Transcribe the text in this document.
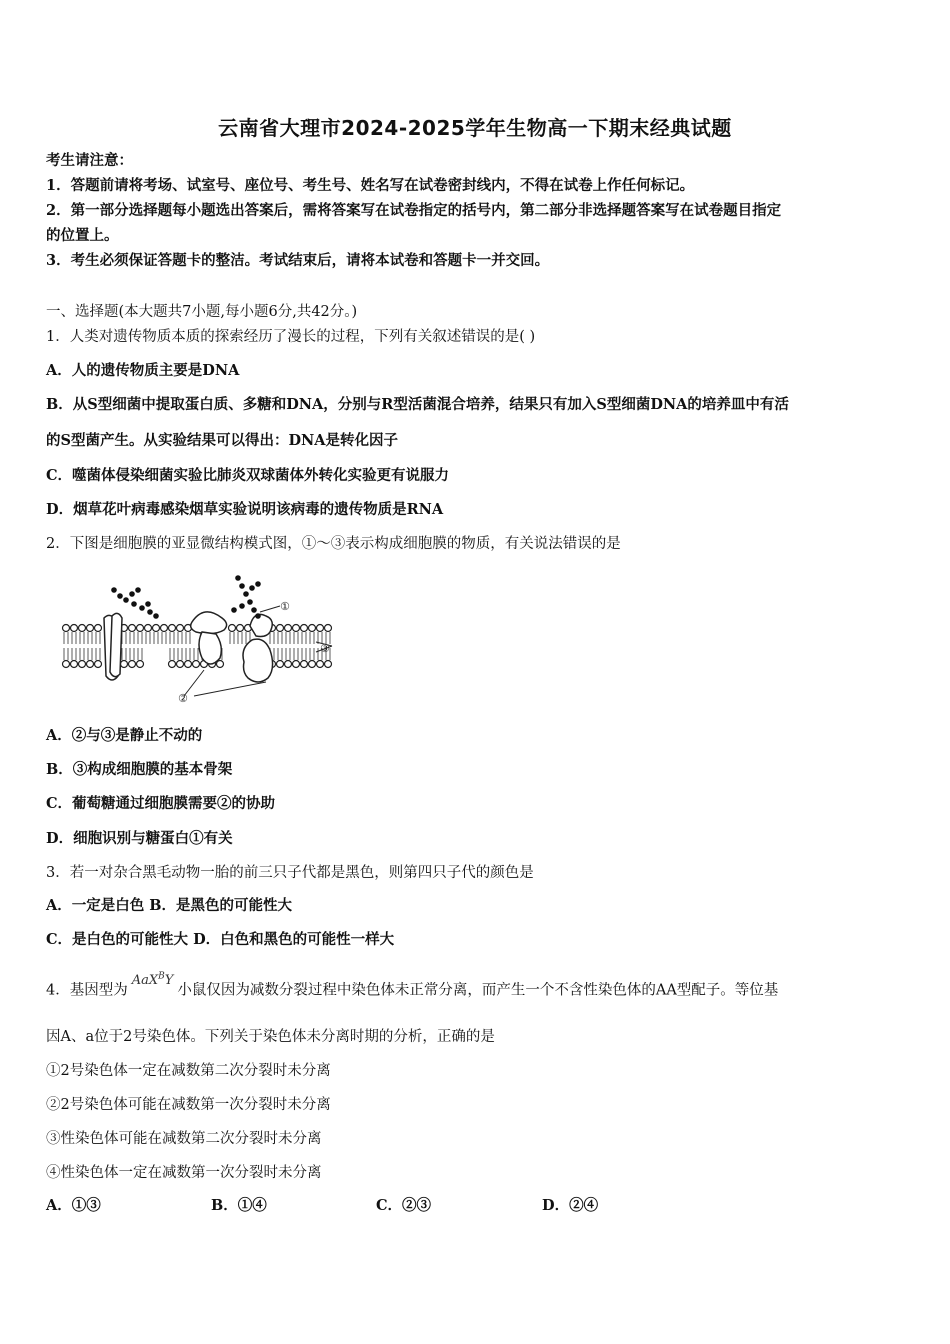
云南省大理市2024-2025学年生物高一下期末经典试题
考生请注意：
1．答题前请将考场、试室号、座位号、考生号、姓名写在试卷密封线内，不得在试卷上作任何标记。
2．第一部分选择题每小题选出答案后，需将答案写在试卷指定的括号内，第二部分非选择题答案写在试卷题目指定
的位置上。
3．考生必须保证答题卡的整洁。考试结束后，请将本试卷和答题卡一并交回。
一、选择题(本大题共7小题,每小题6分,共42分。)
1．人类对遗传物质本质的探索经历了漫长的过程，下列有关叙述错误的是( )
A．人的遗传物质主要是DNA
B．从S型细菌中提取蛋白质、多糖和DNA，分别与R型活菌混合培养，结果只有加入S型细菌DNA的培养皿中有活
的S型菌产生。从实验结果可以得出：DNA是转化因子
C．噬菌体侵染细菌实验比肺炎双球菌体外转化实验更有说服力
D．烟草花叶病毒感染烟草实验说明该病毒的遗传物质是RNA
2．下图是细胞膜的亚显微结构模式图，①～③表示构成细胞膜的物质，有关说法错误的是
①
③
②
A．②与③是静止不动的
B．③构成细胞膜的基本骨架
C．葡萄糖通过细胞膜需要②的协助
D．细胞识别与糖蛋白①有关
3．若一对杂合黑毛动物一胎的前三只子代都是黑色，则第四只子代的颜色是
A．一定是白色 B．是黑色的可能性大
C．是白色的可能性大 D．白色和黑色的可能性一样大
4．基因型为AaX$^B$Y小鼠仅因为减数分裂过程中染色体未正常分离，而产生一个不含性染色体的AA型配子。等位基
因A、a位于2号染色体。下列关于染色体未分离时期的分析，正确的是
①2号染色体一定在减数第二次分裂时未分离
②2号染色体可能在减数第一次分裂时未分离
③性染色体可能在减数第二次分裂时未分离
④性染色体一定在减数第一次分裂时未分离
A．①③	B．①④	C．②③	D．②④
